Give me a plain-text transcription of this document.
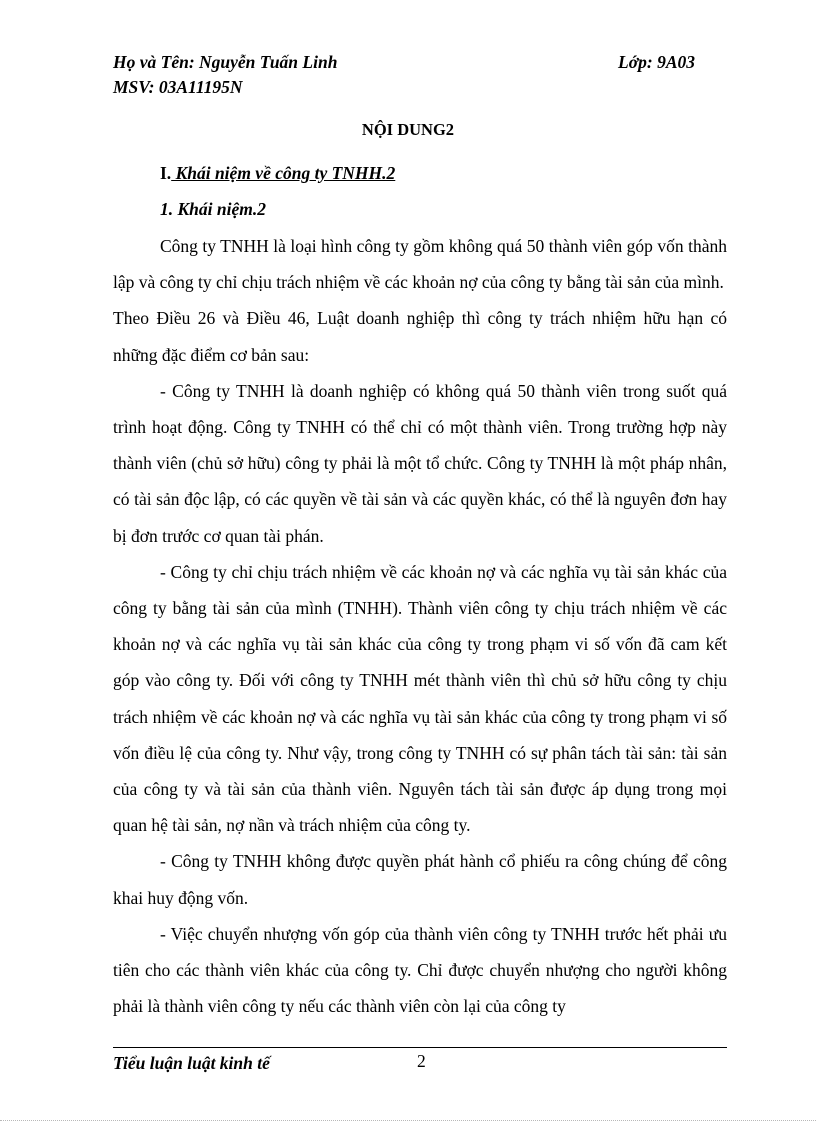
Họ và Tên: Nguyễn Tuấn Linh	Lớp: 9A03
MSV: 03A11195N
NỘI DUNG2
I. Khái niệm về công ty TNHH.2
1. Khái niệm.2

Công ty TNHH là loại hình công ty gồm không quá 50 thành viên góp vốn thành lập và công ty chỉ chịu trách nhiệm về các khoản nợ của công ty bằng tài sản của mình.

Theo Điều 26 và Điều 46, Luật doanh nghiệp thì công ty trách nhiệm hữu hạn có những đặc điểm cơ bản sau:

- Công ty TNHH là doanh nghiệp có không quá 50 thành viên trong suốt quá trình hoạt động. Công ty TNHH có thể chỉ có một thành viên. Trong trường hợp này thành viên (chủ sở hữu) công ty phải là một tổ chức. Công ty TNHH là một pháp nhân, có tài sản độc lập, có các quyền về tài sản và các quyền khác, có thể là nguyên đơn hay bị đơn trước cơ quan tài phán.

- Công ty chỉ chịu trách nhiệm về các khoản nợ và các nghĩa vụ tài sản khác của công ty bằng tài sản của mình (TNHH). Thành viên công ty chịu trách nhiệm về các khoản nợ và các nghĩa vụ tài sản khác của công ty trong phạm vi số vốn đã cam kết góp vào công ty. Đối với công ty TNHH mét thành viên thì chủ sở hữu công ty chịu trách nhiệm về các khoản nợ và các nghĩa vụ tài sản khác của công ty trong phạm vi số vốn điều lệ của công ty. Như vậy, trong công ty TNHH có sự phân tách tài sản: tài sản của công ty và tài sản của thành viên. Nguyên tách tài sản được áp dụng trong mọi quan hệ tài sản, nợ nần và trách nhiệm của công ty.

- Công ty TNHH không được quyền phát hành cổ phiếu ra công chúng để công khai huy động vốn.

- Việc chuyển nhượng vốn góp của thành viên công ty TNHH trước hết phải ưu tiên cho các thành viên khác của công ty. Chỉ được chuyển nhượng cho người không phải là thành viên công ty nếu các thành viên còn lại của công ty

Tiểu luận luật kinh tế	2
